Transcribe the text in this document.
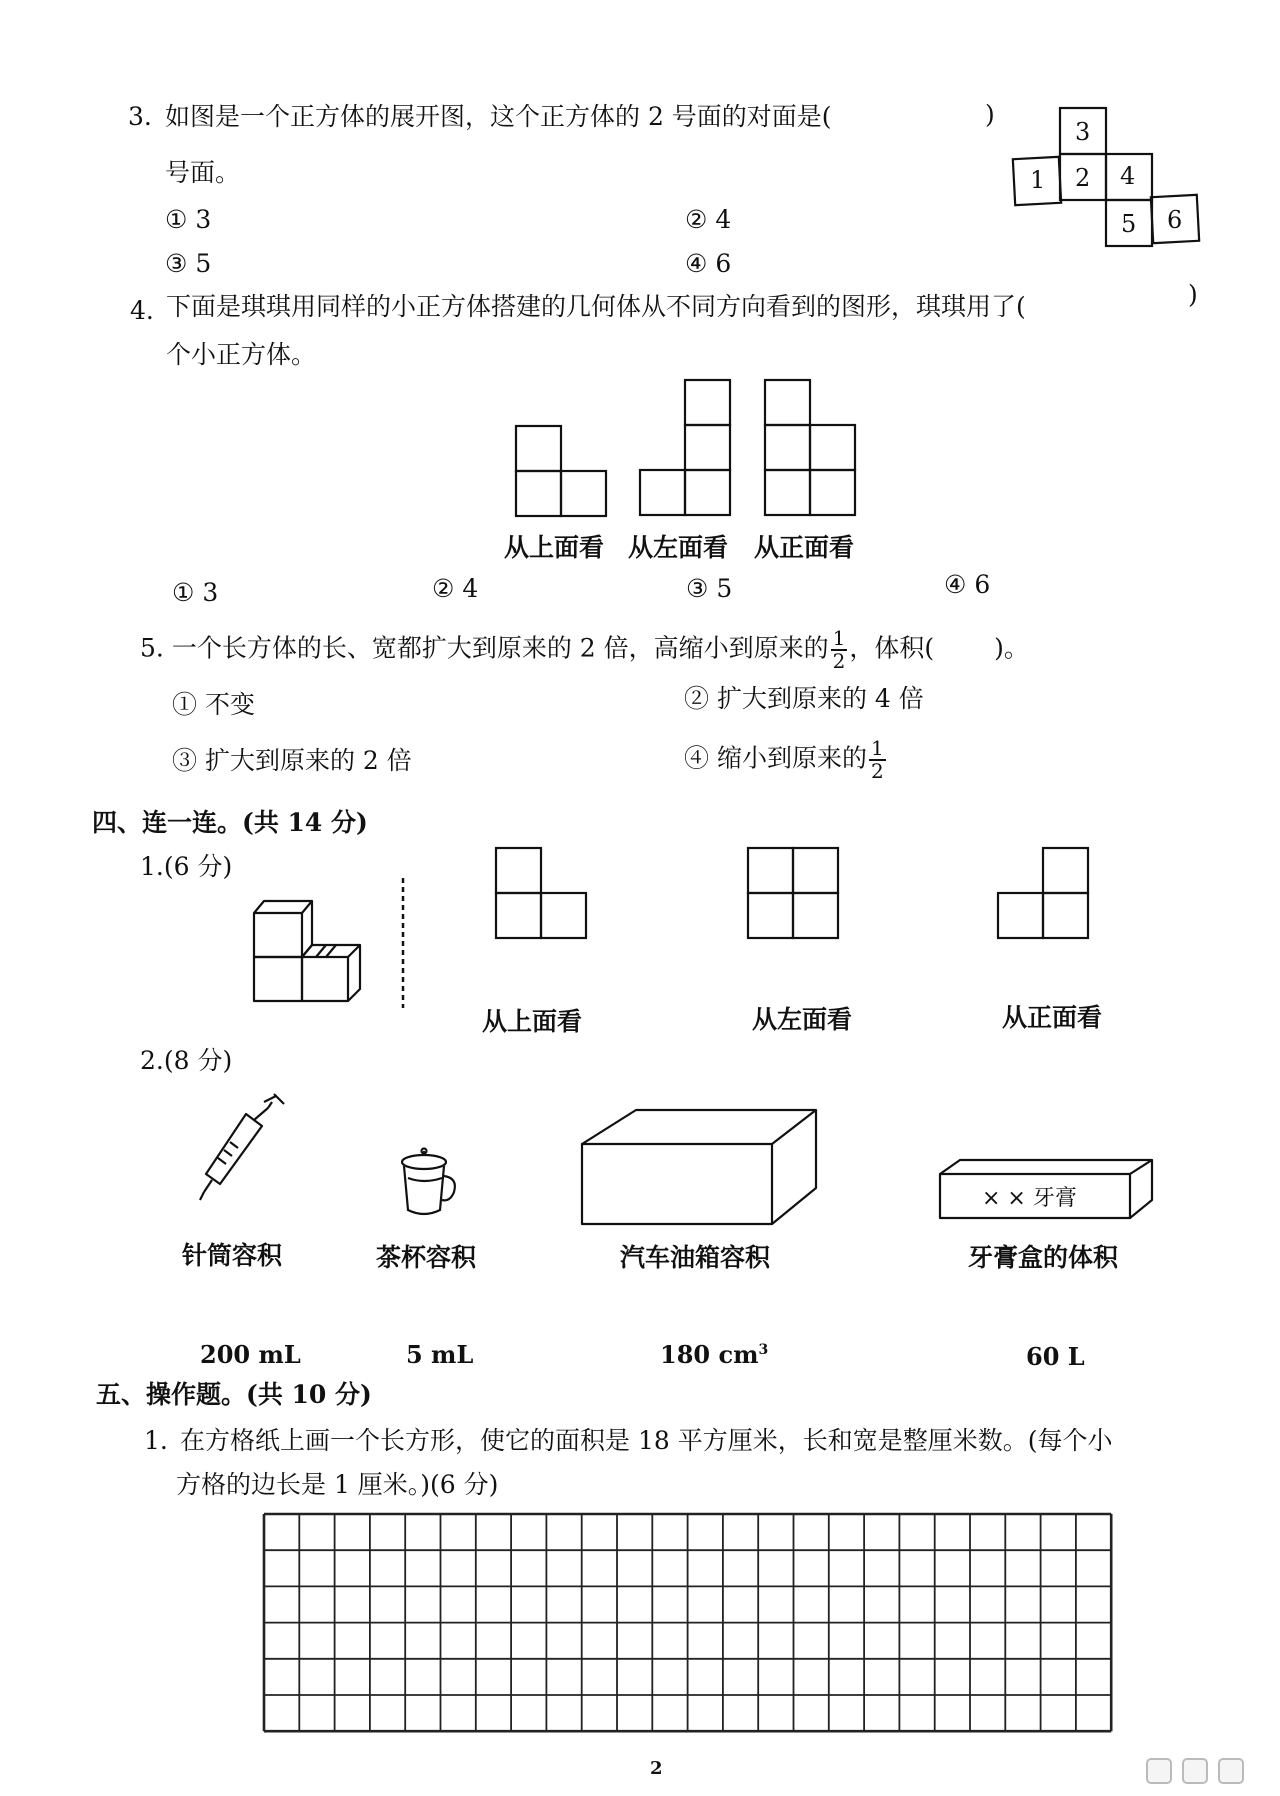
3. 如图是一个正方体的展开图，这个正方体的 2 号面的对面是(	)
号面。
① 3	② 4
③ 5	④ 6
3
1 2 4
5 6
4. 下面是琪琪用同样的小正方体搭建的几何体从不同方向看到的图形，琪琪用了(	)
个小正方体。
从上面看 从左面看 从正面看
① 3	② 4	③ 5	④ 6
5. 一个长方体的长、宽都扩大到原来的 2 倍，高缩小到原来的 $\frac{1}{2}$ ，体积( )。
① 不变	② 扩大到原来的 4 倍
③ 扩大到原来的 2 倍	④ 缩小到原来的 $\frac{1}{2}$
四、连一连。(共 14 分)
1.(6 分)
从上面看	从左面看	从正面看
2.(8 分)
× × 牙膏
针筒容积	茶杯容积	汽车油箱容积	牙膏盒的体积
200 mL	5 mL	180 $cm^3$	60 L
五、操作题。(共 10 分)
1. 在方格纸上画一个长方形，使它的面积是 18 平方厘米，长和宽是整厘米数。(每个小
方格的边长是 1 厘米。)(6 分)
2
